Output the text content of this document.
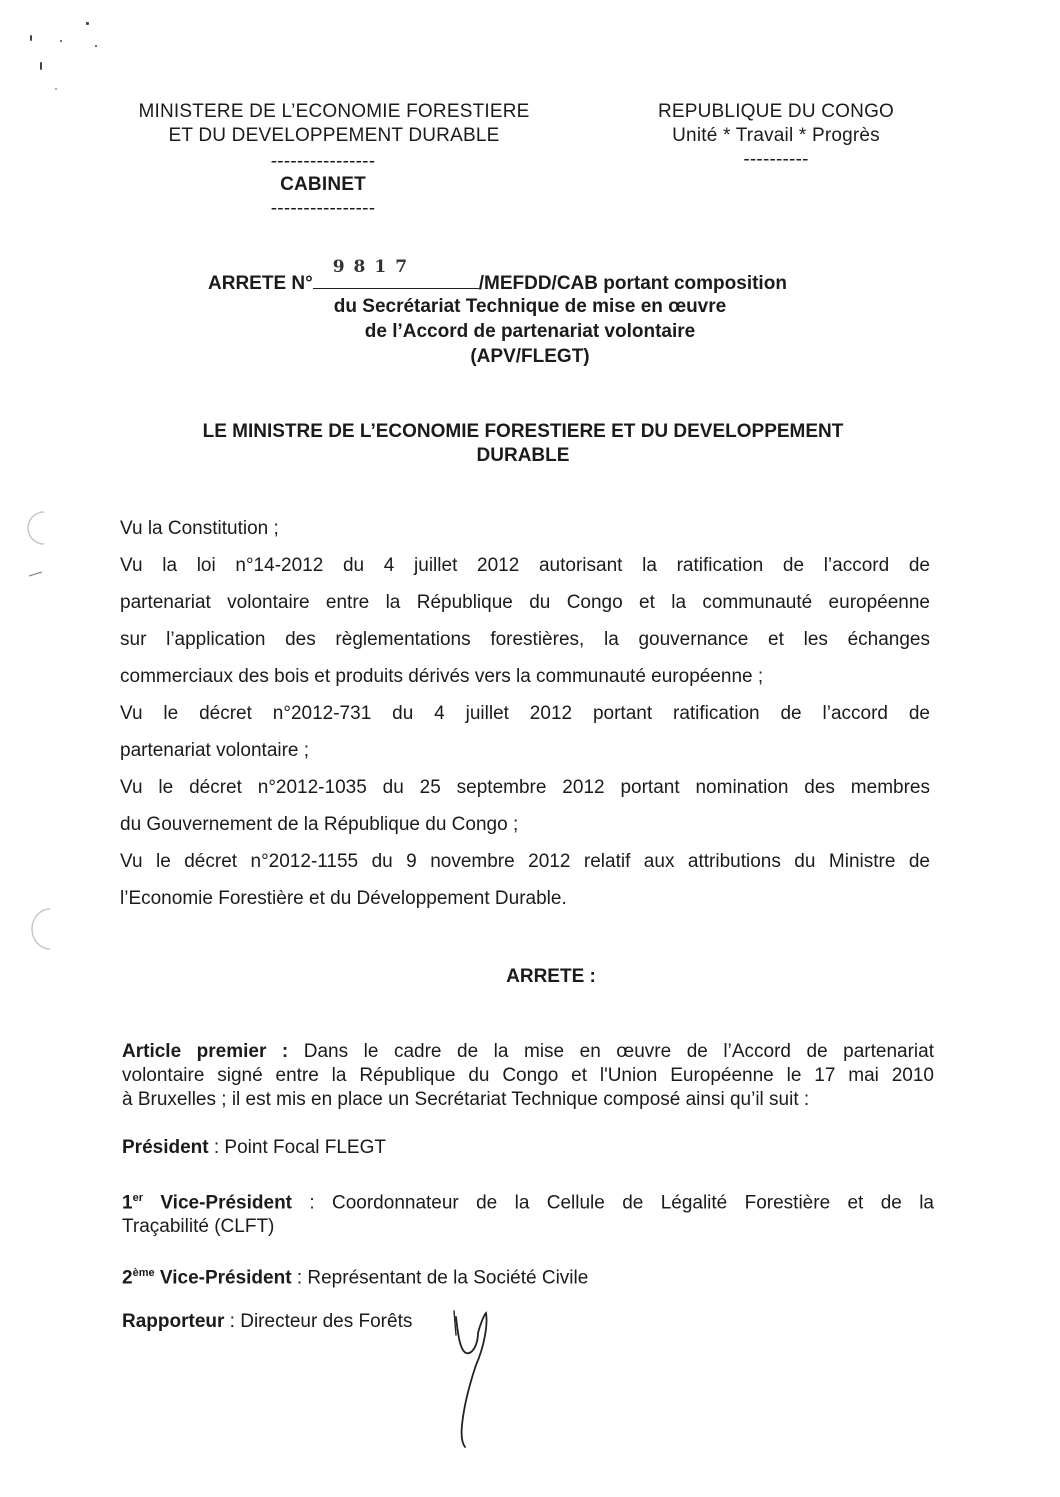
MINISTERE DE L’ECONOMIE FORESTIERE
ET DU DEVELOPPEMENT DURABLE
----------------
CABINET
----------------
REPUBLIQUE DU CONGO
Unité * Travail * Progrès
----------
ARRETE N°
9817
/MEFDD/CAB portant composition
du Secrétariat Technique de mise en œuvre
de l’Accord de partenariat volontaire
(APV/FLEGT)
LE MINISTRE DE L’ECONOMIE FORESTIERE ET DU DEVELOPPEMENT
DURABLE
Vu la Constitution ;
Vu la loi n°14-2012 du 4 juillet 2012 autorisant la ratification de l’accord de
partenariat volontaire entre la République du Congo et la communauté européenne
sur l’application des règlementations forestières, la gouvernance et les échanges
commerciaux des bois et produits dérivés vers la communauté européenne ;
Vu le décret n°2012-731 du 4 juillet 2012 portant ratification de l’accord de
partenariat volontaire ;
Vu le décret n°2012-1035 du 25 septembre 2012 portant nomination des membres
du Gouvernement de la République du Congo ;
Vu le décret n°2012-1155 du 9 novembre 2012 relatif aux attributions du Ministre de
l’Economie Forestière et du Développement Durable.
ARRETE :
Article premier : Dans le cadre de la mise en œuvre de l’Accord de partenariat
volontaire signé entre la République du Congo et l'Union Européenne le 17 mai 2010
à Bruxelles ; il est mis en place un Secrétariat Technique composé ainsi qu’il suit :
Président : Point Focal FLEGT
1er Vice-Président : Coordonnateur de la Cellule de Légalité Forestière et de la
Traçabilité (CLFT)
2ème Vice-Président : Représentant de la Société Civile
Rapporteur : Directeur des Forêts
